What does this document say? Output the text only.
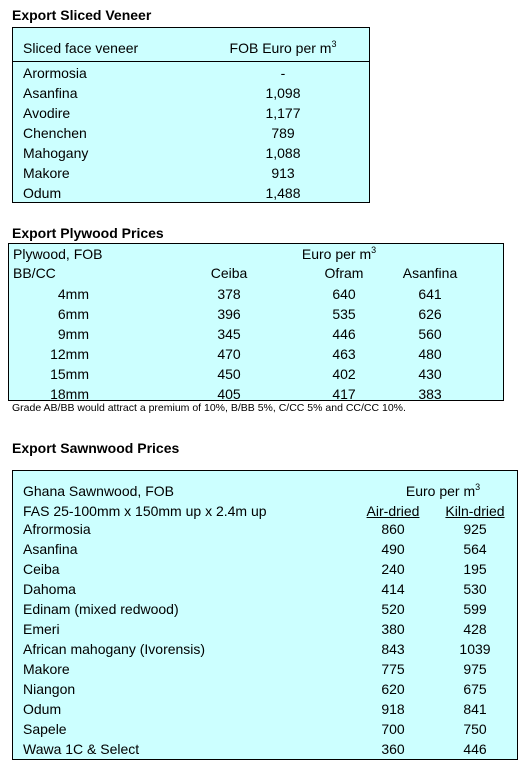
Export Sliced Veneer
Sliced face veneer	FOB Euro per $m^3$
Arormosia	-
Asanfina	1,098
Avodire	1,177
Chenchen	789
Mahogany	1,088
Makore	913
Odum	1,488
Export Plywood Prices
Plywood, FOB	Euro per $m^3$
BB/CC	Ceiba	Ofram	Asanfina
4mm	378	640	641
6mm	396	535	626
9mm	345	446	560
12mm	470	463	480
15mm	450	402	430
18mm	405	417	383
Grade AB/BB would attract a premium of 10%, B/BB 5%, C/CC 5% and CC/CC 10%.
Export Sawnwood Prices
Ghana Sawnwood, FOB	Euro per $m^3$
FAS 25-100mm x 150mm up x 2.4m up	Air-dried	Kiln-dried
Afrormosia	860	925
Asanfina	490	564
Ceiba	240	195
Dahoma	414	530
Edinam (mixed redwood)	520	599
Emeri	380	428
African mahogany (Ivorensis)	843	1039
Makore	775	975
Niangon	620	675
Odum	918	841
Sapele	700	750
Wawa 1C & Select	360	446
